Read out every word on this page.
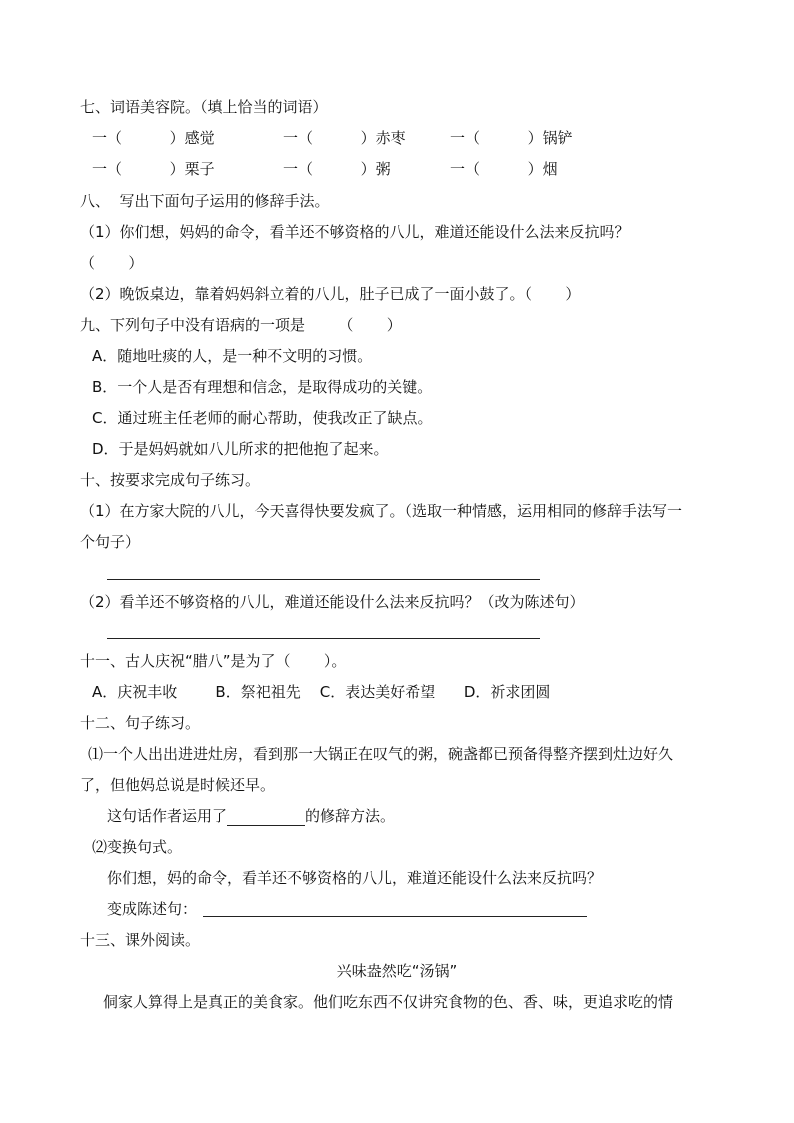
七、词语美容院。（填上恰当的词语）
一（          ）感觉	一（          ）赤枣	一（          ）锅铲
一（          ）栗子	一（          ）粥	一（          ）烟
八、  写出下面句子运用的修辞手法。
（1）你们想，妈妈的命令，看羊还不够资格的八儿，难道还能设什么法来反抗吗？
（       ）
（2）晚饭桌边，靠着妈妈斜立着的八儿，肚子已成了一面小鼓了。（       ）
九、下列句子中没有语病的一项是       （       ）
A．随地吐痰的人，是一种不文明的习惯。
B．一个人是否有理想和信念，是取得成功的关键。
C．通过班主任老师的耐心帮助，使我改正了缺点。
D．于是妈妈就如八儿所求的把他抱了起来。
十、按要求完成句子练习。
（1）在方家大院的八儿，今天喜得快要发疯了。（选取一种情感，运用相同的修辞手法写一
个句子）
（2）看羊还不够资格的八儿，难道还能设什么法来反抗吗？（改为陈述句）
十一、古人庆祝“腊八”是为了（       ）。
A．庆祝丰收        B．祭祀祖先    C．表达美好希望      D．祈求团圆
十二、句子练习。
⑴一个人出出进进灶房，看到那一大锅正在叹气的粥，碗盏都已预备得整齐摆到灶边好久
了，但他妈总说是时候还早。
这句话作者运用了	的修辞方法。
⑵变换句式。
你们想，妈的命令，看羊还不够资格的八儿，难道还能设什么法来反抗吗？
变成陈述句：
十三、课外阅读。
兴味盎然吃“汤锅”
侗家人算得上是真正的美食家。他们吃东西不仅讲究食物的色、香、味，更追求吃的情
